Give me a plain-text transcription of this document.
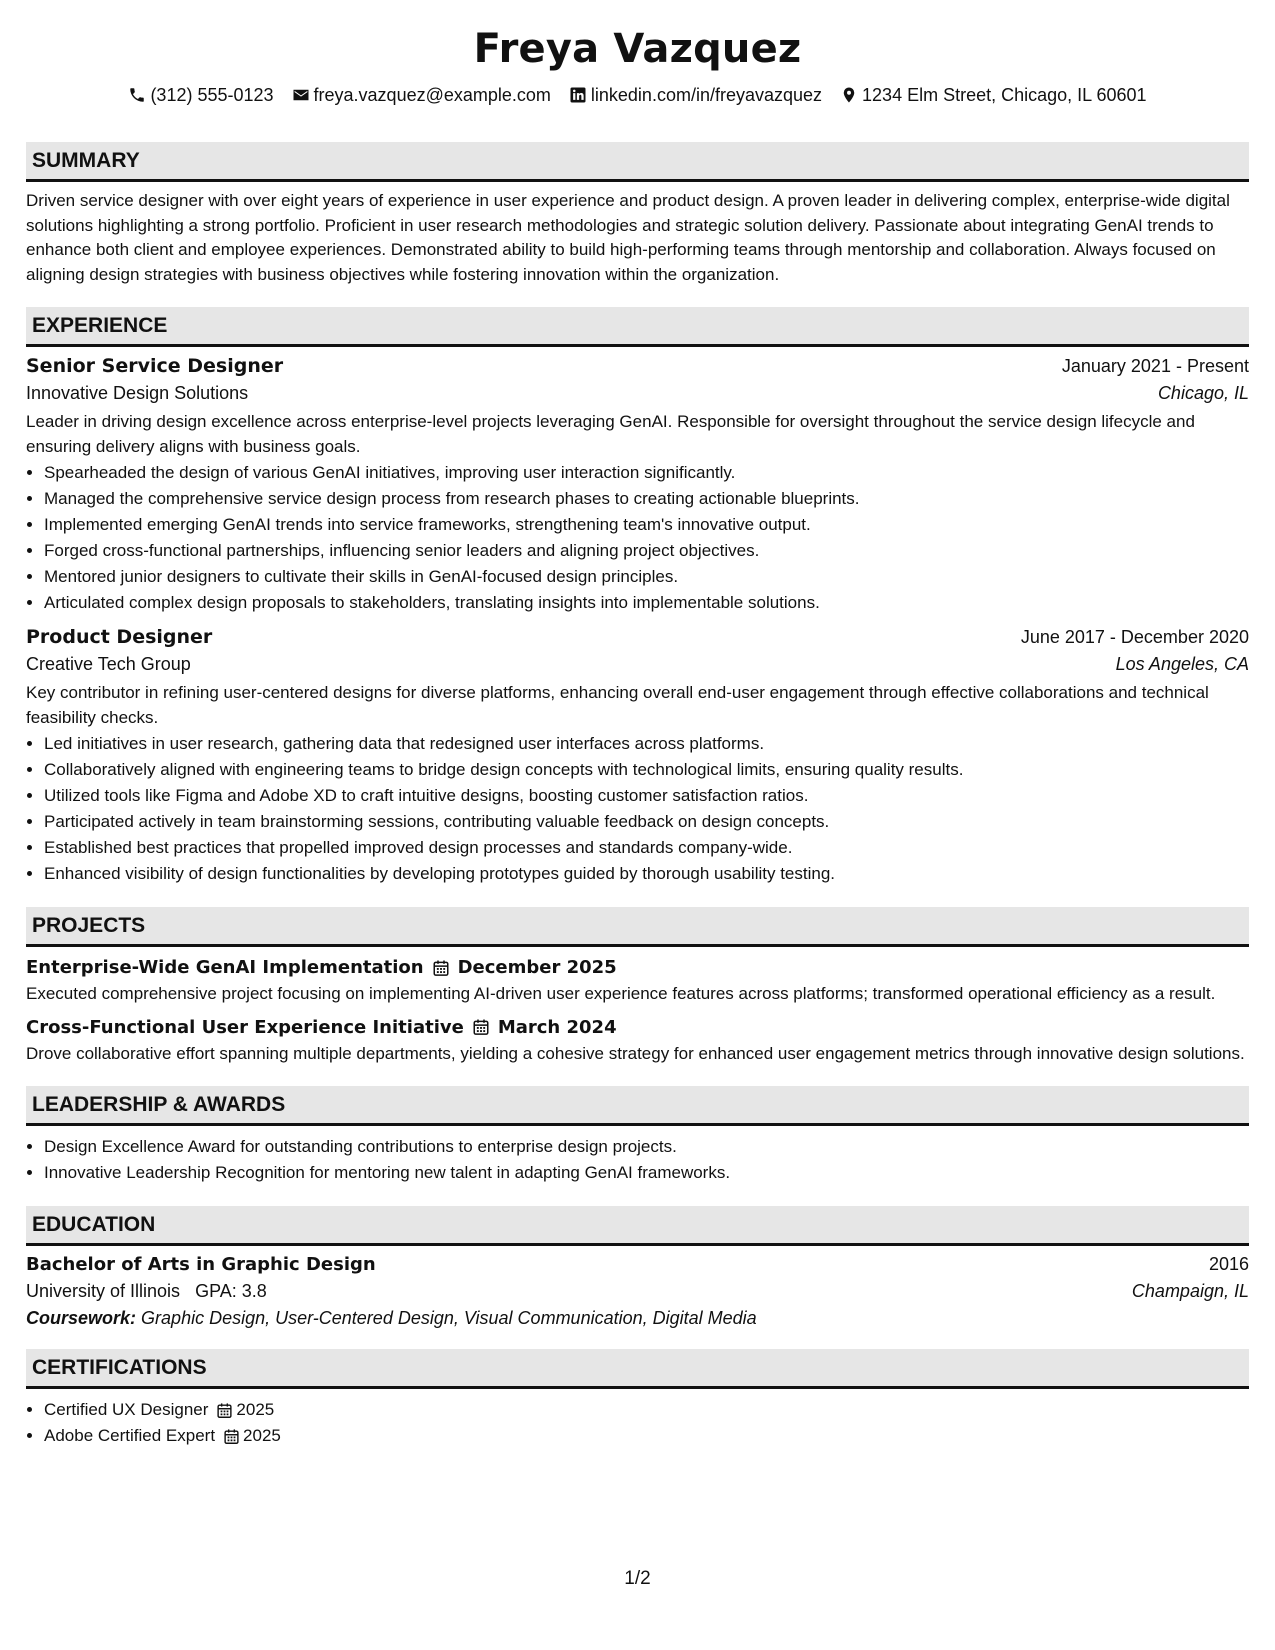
Freya Vazquez
(312) 555-0123 freya.vazquez@example.com linkedin.com/in/freyavazquez 1234 Elm Street, Chicago, IL 60601
SUMMARY

Driven service designer with over eight years of experience in user experience and product design. A proven leader in delivering complex, enterprise-wide digital solutions highlighting a strong portfolio. Proficient in user research methodologies and strategic solution delivery. Passionate about integrating GenAI trends to enhance both client and employee experiences. Demonstrated ability to build high-performing teams through mentorship and collaboration. Always focused on aligning design strategies with business objectives while fostering innovation within the organization.

EXPERIENCE
Senior Service Designer	January 2021 - Present
Innovative Design Solutions	Chicago, IL

Leader in driving design excellence across enterprise-level projects leveraging GenAI. Responsible for oversight throughout the service design lifecycle and ensuring delivery aligns with business goals.

• Spearheaded the design of various GenAI initiatives, improving user interaction significantly.
• Managed the comprehensive service design process from research phases to creating actionable blueprints.
• Implemented emerging GenAI trends into service frameworks, strengthening team's innovative output.
• Forged cross-functional partnerships, influencing senior leaders and aligning project objectives.
• Mentored junior designers to cultivate their skills in GenAI-focused design principles.
• Articulated complex design proposals to stakeholders, translating insights into implementable solutions.
Product Designer	June 2017 - December 2020
Creative Tech Group	Los Angeles, CA

Key contributor in refining user-centered designs for diverse platforms, enhancing overall end-user engagement through effective collaborations and technical feasibility checks.

• Led initiatives in user research, gathering data that redesigned user interfaces across platforms.
• Collaboratively aligned with engineering teams to bridge design concepts with technological limits, ensuring quality results.
• Utilized tools like Figma and Adobe XD to craft intuitive designs, boosting customer satisfaction ratios.
• Participated actively in team brainstorming sessions, contributing valuable feedback on design concepts.
• Established best practices that propelled improved design processes and standards company-wide.
• Enhanced visibility of design functionalities by developing prototypes guided by thorough usability testing.
PROJECTS
Enterprise-Wide GenAI Implementation December 2025

Executed comprehensive project focusing on implementing AI-driven user experience features across platforms; transformed operational efficiency as a result.

Cross-Functional User Experience Initiative March 2024

Drove collaborative effort spanning multiple departments, yielding a cohesive strategy for enhanced user engagement metrics through innovative design solutions.

LEADERSHIP & AWARDS
• Design Excellence Award for outstanding contributions to enterprise design projects.
• Innovative Leadership Recognition for mentoring new talent in adapting GenAI frameworks.
EDUCATION
Bachelor of Arts in Graphic Design	2016
University of Illinois GPA: 3.8	Champaign, IL
Coursework: Graphic Design, User-Centered Design, Visual Communication, Digital Media
CERTIFICATIONS
• Certified UX Designer 2025
• Adobe Certified Expert 2025
1/2
